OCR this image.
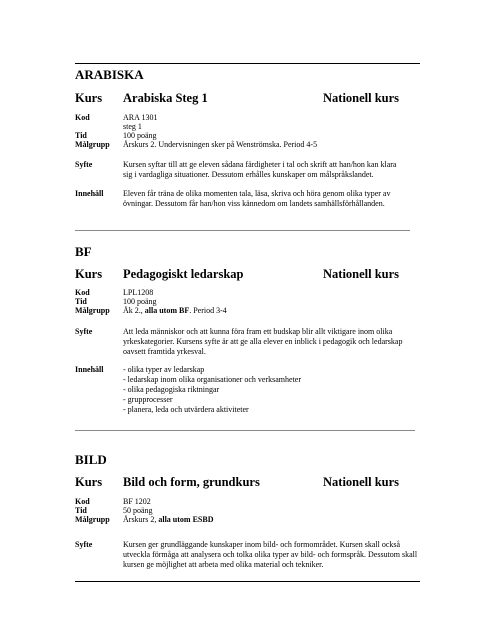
ARABISKA
Kurs Arabiska Steg 1	Nationell kurs
Kod	ARA 1301
steg 1
Tid	100 poäng
Målgrupp Årskurs 2. Undervisningen sker på Wenströmska. Period 4-5
Syfte	Kursen syftar till att ge eleven sådana färdigheter i tal och skrift att han/hon kan klara
sig i vardagliga situationer. Dessutom erhålles kunskaper om målspråkslandet.
Innehåll Eleven får träna de olika momenten tala, läsa, skriva och höra genom olika typer av
övningar. Dessutom får han/hon viss kännedom om landets samhällsförhållanden.
BF
Kurs Pedagogiskt ledarskap	Nationell kurs
Kod	LPL1208
Tid	100 poäng
Målgrupp Åk 2., alla utom BF. Period 3-4
Syfte	Att leda människor och att kunna föra fram ett budskap blir allt viktigare inom olika
yrkeskategorier. Kursens syfte är att ge alla elever en inblick i pedagogik och ledarskap
oavsett framtida yrkesval.
Innehåll - olika typer av ledarskap
- ledarskap inom olika organisationer och verksamheter
- olika pedagogiska riktningar
- grupprocesser
- planera, leda och utvärdera aktiviteter
BILD
Kurs Bild och form, grundkurs	Nationell kurs
Kod	BF 1202
Tid	50 poäng
Målgrupp Årskurs 2, alla utom ESBD
Syfte	Kursen ger grundläggande kunskaper inom bild- och formområdet. Kursen skall också
utveckla förmåga att analysera och tolka olika typer av bild- och formspråk. Dessutom skall
kursen ge möjlighet att arbeta med olika material och tekniker.
